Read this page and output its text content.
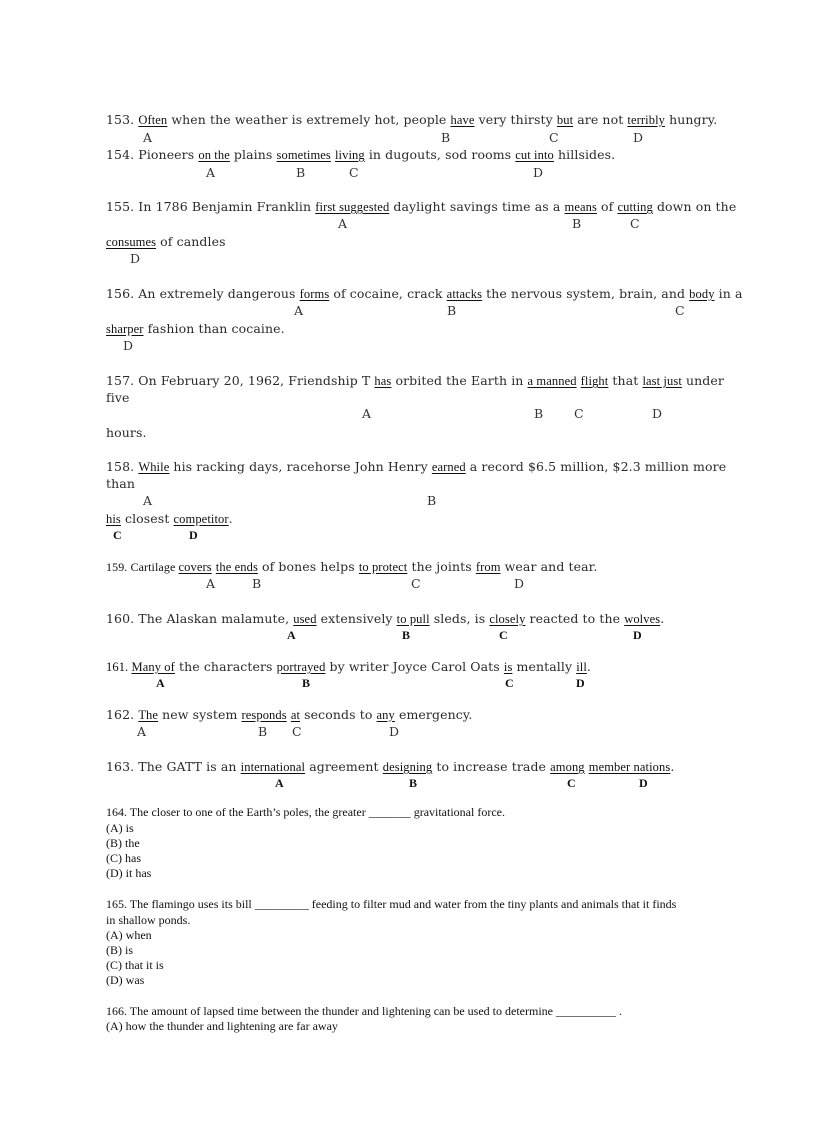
153. Often when the weather is extremely hot, people have very thirsty but are not terribly hungry.
A	B	C	D
154. Pioneers on the plains sometimes living in dugouts, sod rooms cut into hillsides.
A	B	C	D
155. In 1786 Benjamin Franklin first suggested daylight savings time as a means of cutting down on the
A	B	C
consumes of candles
D
156. An extremely dangerous forms of cocaine, crack attacks the nervous system, brain, and body in a
A	B	C
sharper fashion than cocaine.
D
157. On February 20, 1962, Friendship T has orbited the Earth in a manned flight that last just under
five
A	B C	D
hours.
158. While his racking days, racehorse John Henry earned a record $6.5 million, $2.3 million more
than
A	B
his closest competitor.
C	D
159. Cartilage covers the ends of bones helps to protect the joints from wear and tear.
A	B	C	D
160. The Alaskan malamute, used extensively to pull sleds, is closely reacted to the wolves.
A	B	C	D
161. Many of the characters portrayed by writer Joyce Carol Oats is mentally ill.
A	B	C	D
162. The new system responds at seconds to any emergency.
A	B C	D
163. The GATT is an international agreement designing to increase trade among member nations.
A	B	C	D
164. The closer to one of the Earth’s poles, the greater _______ gravitational force.
(A) is
(B) the
(C) has
(D) it has
165. The flamingo uses its bill _________ feeding to filter mud and water from the tiny plants and animals that it finds
in shallow ponds.
(A) when
(B) is
(C) that it is
(D) was
166. The amount of lapsed time between the thunder and lightening can be used to determine __________ .
(A) how the thunder and lightening are far away
